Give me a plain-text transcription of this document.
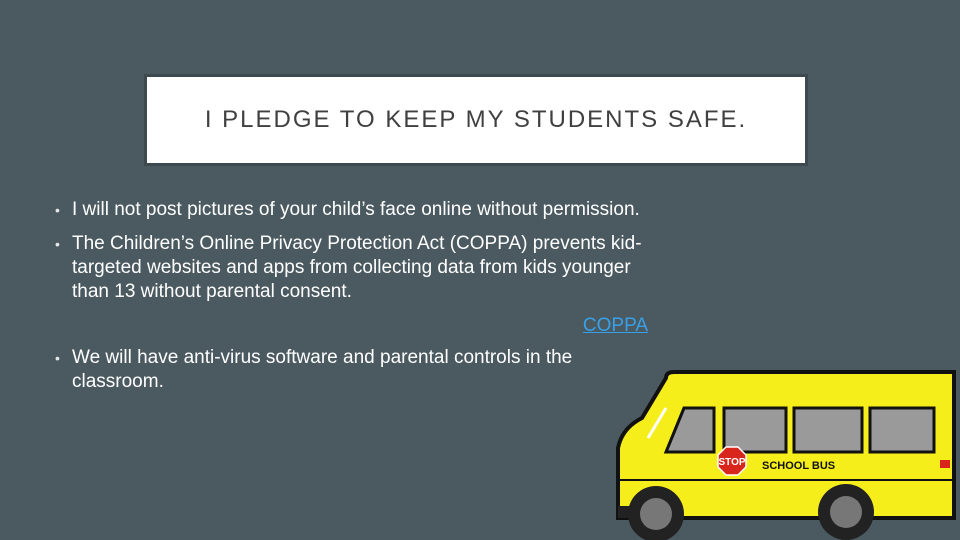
I PLEDGE TO KEEP MY STUDENTS SAFE.
• I will not post pictures of your child’s face online without permission.
• The Children’s Online Privacy Protection Act (COPPA) prevents kid-targeted websites and apps from collecting data from kids younger than 13 without parental consent.
COPPA
• We will have anti-virus software and parental controls in the classroom.
STOP SCHOOL BUS
